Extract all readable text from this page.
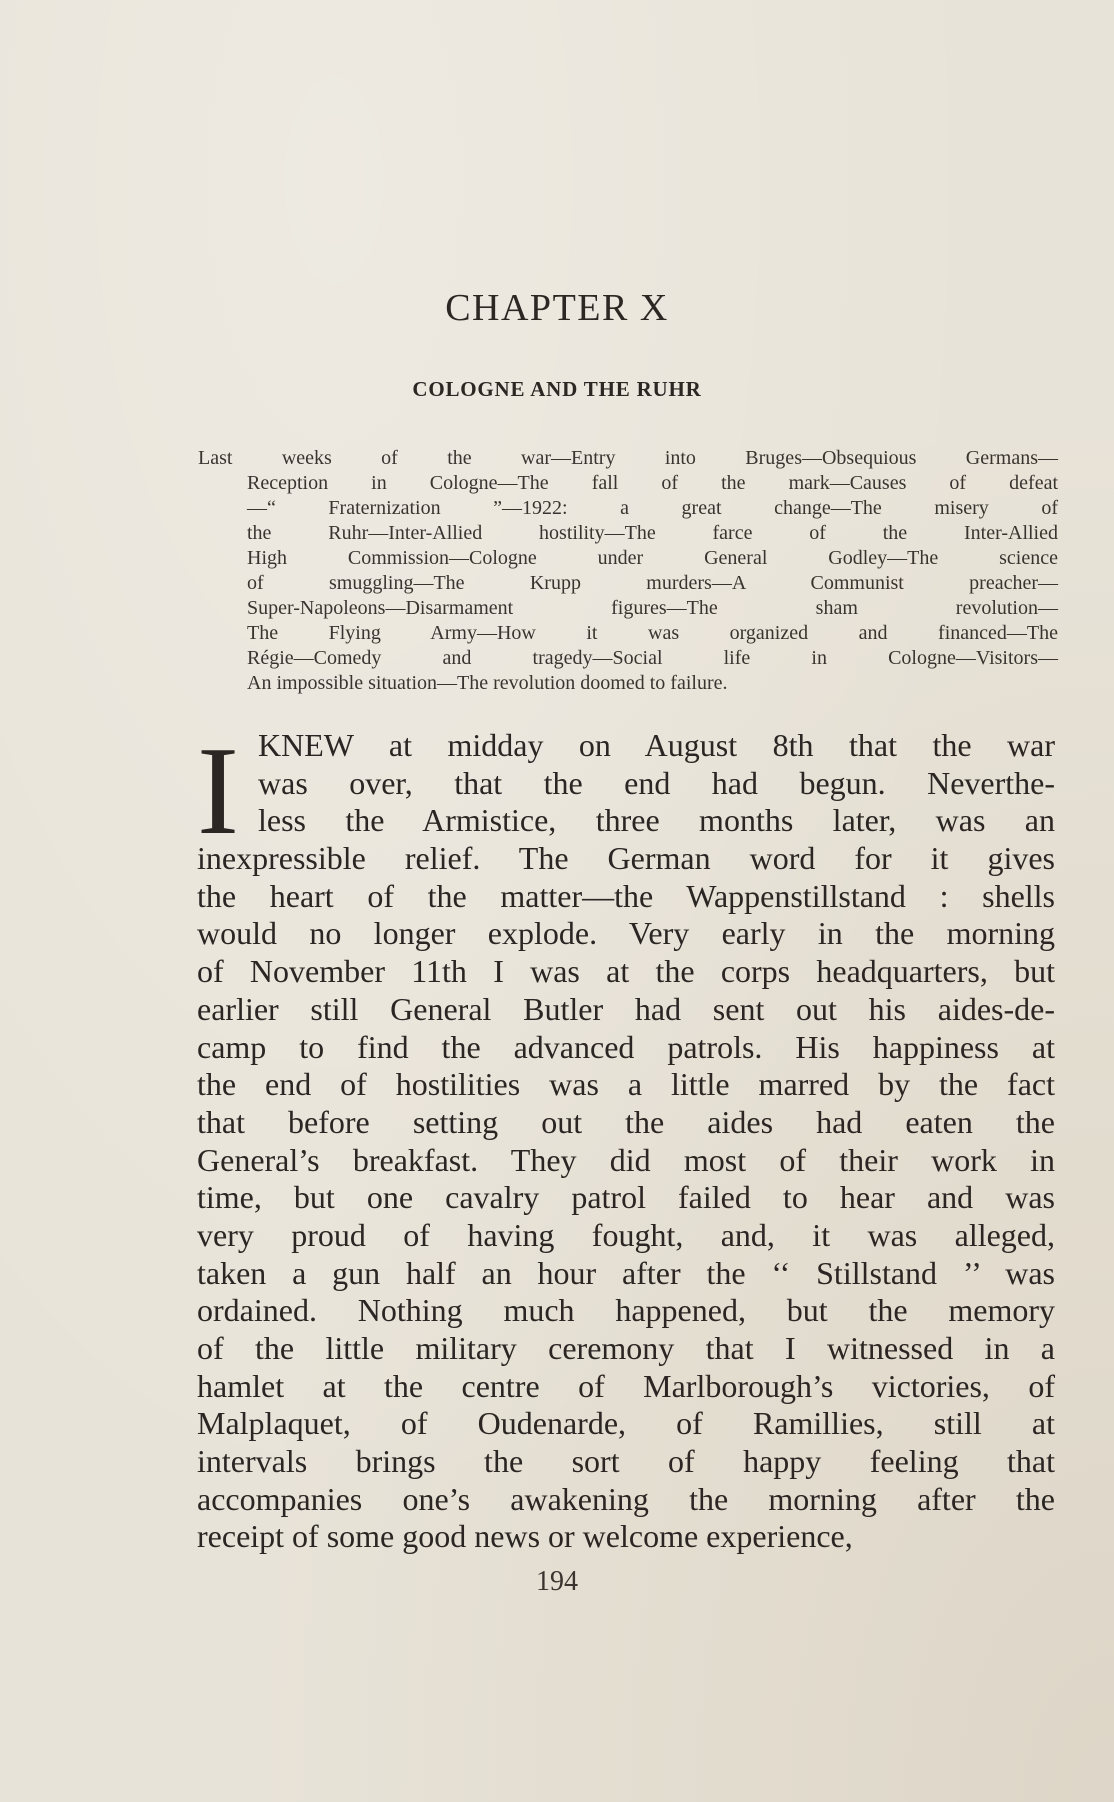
CHAPTER X
COLOGNE AND THE RUHR
Last weeks of the war—Entry into Bruges—Obsequious Germans—
Reception in Cologne—The fall of the mark—Causes of defeat
—“ Fraternization ”—1922: a great change—The misery of
the Ruhr—Inter-Allied hostility—The farce of the Inter-Allied
High Commission—Cologne under General Godley—The science
of smuggling—The Krupp murders—A Communist preacher—
Super-Napoleons—Disarmament figures—The sham revolution—
The Flying Army—How it was organized and financed—The
Régie—Comedy and tragedy—Social life in Cologne—Visitors—
An impossible situation—The revolution doomed to failure.
I KNEW at midday on August 8th that the war
was over, that the end had begun. Neverthe-
less the Armistice, three months later, was an
inexpressible relief. The German word for it gives
the heart of the matter—the Wappenstillstand : shells
would no longer explode. Very early in the morning
of November 11th I was at the corps headquarters, but
earlier still General Butler had sent out his aides-de-
camp to find the advanced patrols. His happiness at
the end of hostilities was a little marred by the fact
that before setting out the aides had eaten the
General’s breakfast. They did most of their work in
time, but one cavalry patrol failed to hear and was
very proud of having fought, and, it was alleged,
taken a gun half an hour after the ‘‘ Stillstand ’’ was
ordained. Nothing much happened, but the memory
of the little military ceremony that I witnessed in a
hamlet at the centre of Marlborough’s victories, of
Malplaquet, of Oudenarde, of Ramillies, still at
intervals brings the sort of happy feeling that
accompanies one’s awakening the morning after the
receipt of some good news or welcome experience,
194
